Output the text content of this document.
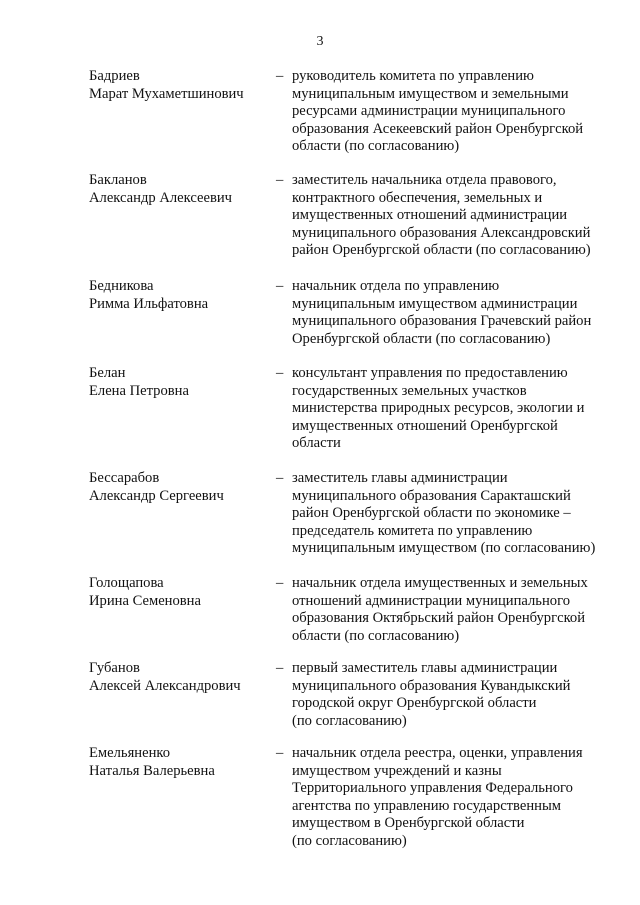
3
Бадриев
Марат Мухаметшинович
– руководитель комитета по управлению
муниципальным имуществом и земельными
ресурсами администрации муниципального
образования Асекеевский район Оренбургской
области (по согласованию)
Бакланов
Александр Алексеевич
– заместитель начальника отдела правового,
контрактного обеспечения, земельных и
имущественных отношений администрации
муниципального образования Александровский
район Оренбургской области (по согласованию)
Бедникова
Римма Ильфатовна
– начальник отдела по управлению
муниципальным имуществом администрации
муниципального образования Грачевский район
Оренбургской области (по согласованию)
Белан
Елена Петровна
– консультант управления по предоставлению
государственных земельных участков
министерства природных ресурсов, экологии и
имущественных отношений Оренбургской
области
Бессарабов
Александр Сергеевич
– заместитель главы администрации
муниципального образования Саракташский
район Оренбургской области по экономике –
председатель комитета по управлению
муниципальным имуществом (по согласованию)
Голощапова
Ирина Семеновна
– начальник отдела имущественных и земельных
отношений администрации муниципального
образования Октябрьский район Оренбургской
области (по согласованию)
Губанов
Алексей Александрович
– первый заместитель главы администрации
муниципального образования Кувандыкский
городской округ Оренбургской области
(по согласованию)
Емельяненко
Наталья Валерьевна
– начальник отдела реестра, оценки, управления
имуществом учреждений и казны
Территориального управления Федерального
агентства по управлению государственным
имуществом в Оренбургской области
(по согласованию)
